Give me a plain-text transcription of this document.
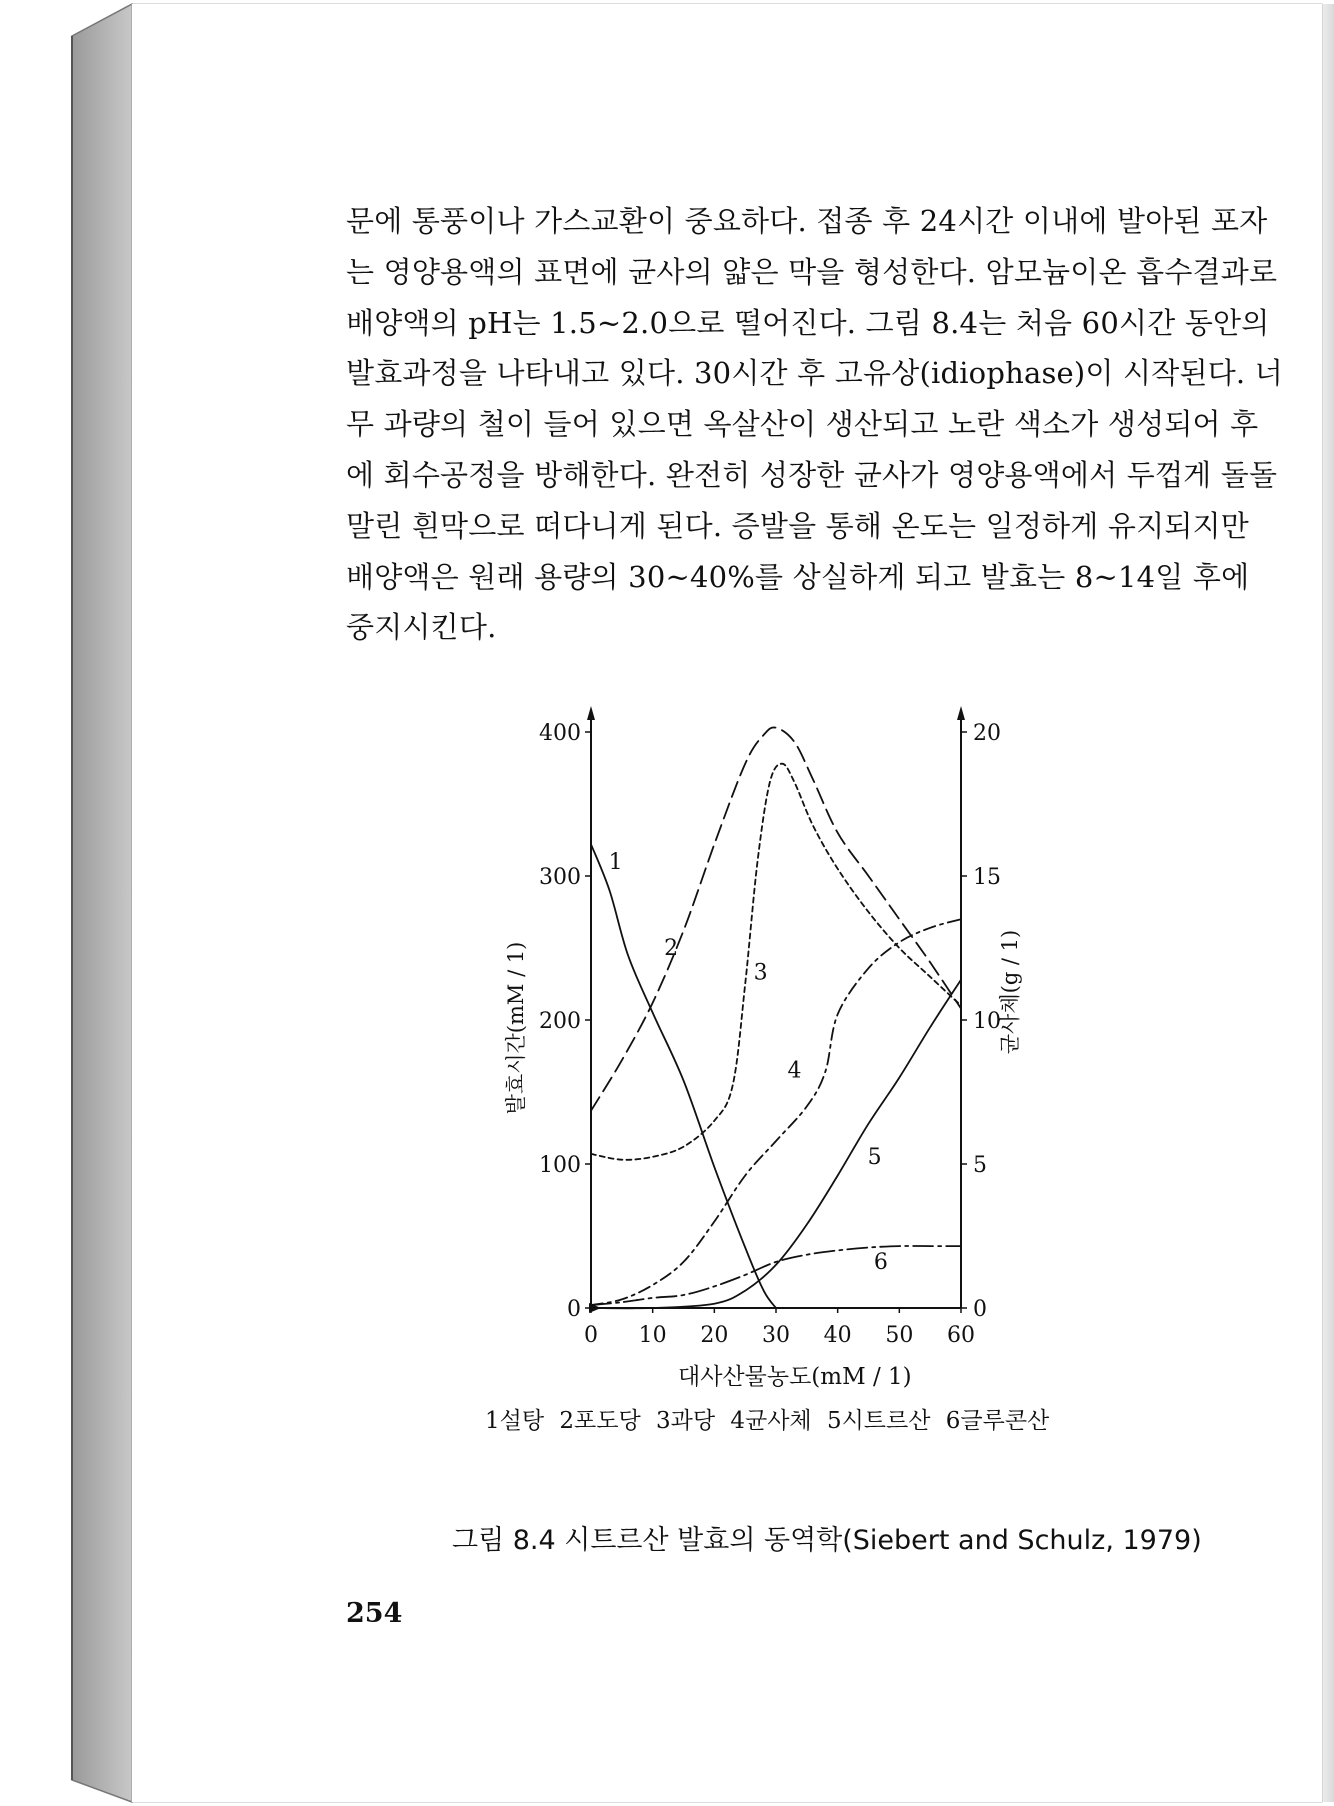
문에 통풍이나 가스교환이 중요하다. 접종 후 24시간 이내에 발아된 포자

는 영양용액의 표면에 균사의 얇은 막을 형성한다. 암모늄이온 흡수결과로

배양액의 pH는 1.5~2.0으로 떨어진다. 그림 8.4는 처음 60시간 동안의

발효과정을 나타내고 있다. 30시간 후 고유상(idiophase)이 시작된다. 너

무 과량의 철이 들어 있으면 옥살산이 생산되고 노란 색소가 생성되어 후

에 회수공정을 방해한다. 완전히 성장한 균사가 영양용액에서 두껍게 돌돌

말린 흰막으로 떠다니게 된다. 증발을 통해 온도는 일정하게 유지되지만

배양액은 원래 용량의 30~40%를 상실하게 되고 발효는 8~14일 후에

중지시킨다.

0
100
200
300
400
0
5
10
15
20
0 10 20 30 40 50 60
발효시간(mM / 1)	균사체(g / 1)
1
2
3
4
5
6
대사산물농도(mM / 1)
1설탕 2포도당 3과당 4균사체 5시트르산 6글루콘산
그림 8.4 시트르산 발효의 동역학(Siebert and Schulz, 1979)
254
